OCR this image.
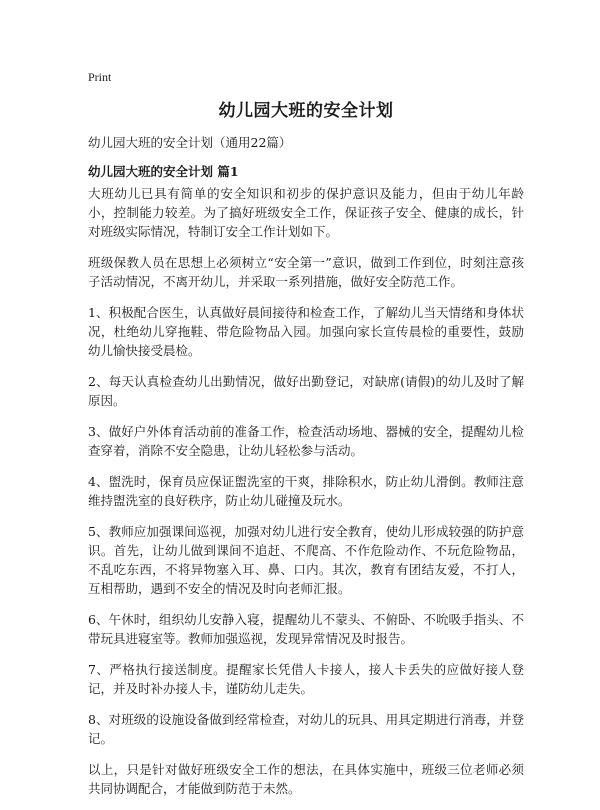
Print
幼儿园大班的安全计划
幼儿园大班的安全计划（通用22篇）
幼儿园大班的安全计划 篇1

大班幼儿已具有简单的安全知识和初步的保护意识及能力，但由于幼儿年龄小，控制能力较差。为了搞好班级安全工作，保证孩子安全、健康的成长，针对班级实际情况，特制订安全工作计划如下。

班级保教人员在思想上必须树立“安全第一”意识，做到工作到位，时刻注意孩子活动情况，不离开幼儿，并采取一系列措施，做好安全防范工作。

1、积极配合医生，认真做好晨间接待和检查工作，了解幼儿当天情绪和身体状况，杜绝幼儿穿拖鞋、带危险物品入园。加强向家长宣传晨检的重要性，鼓励幼儿愉快接受晨检。

2、每天认真检查幼儿出勤情况，做好出勤登记，对缺席(请假)的幼儿及时了解原因。

3、做好户外体育活动前的准备工作，检查活动场地、器械的安全，提醒幼儿检查穿着，消除不安全隐患，让幼儿轻松参与活动。

4、盥洗时，保育员应保证盥洗室的干爽，排除积水，防止幼儿滑倒。教师注意维持盥洗室的良好秩序，防止幼儿碰撞及玩水。

5、教师应加强课间巡视，加强对幼儿进行安全教育，使幼儿形成较强的防护意识。首先，让幼儿做到课间不追赶、不爬高、不作危险动作、不玩危险物品，不乱吃东西，不将异物塞入耳、鼻、口内。其次，教育有团结友爱，不打人，互相帮助，遇到不安全的情况及时向老师汇报。

6、午休时，组织幼儿安静入寝，提醒幼儿不蒙头、不俯卧、不吮吸手指头、不带玩具进寝室等。教师加强巡视，发现异常情况及时报告。

7、严格执行接送制度。提醒家长凭借人卡接人，接人卡丢失的应做好接人登记，并及时补办接人卡，谨防幼儿走失。

8、对班级的设施设备做到经常检查，对幼儿的玩具、用具定期进行消毒，并登记。

以上，只是针对做好班级安全工作的想法，在具体实施中，班级三位老师必须共同协调配合，才能做到防范于未然。
